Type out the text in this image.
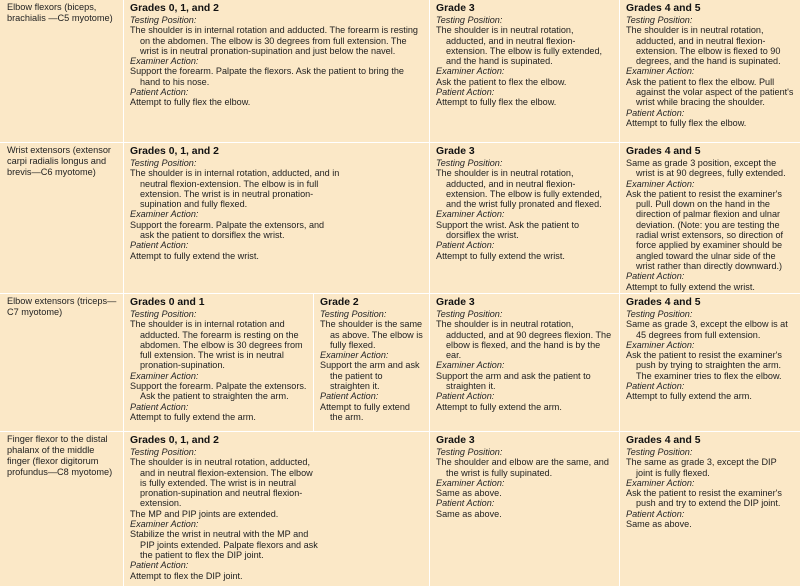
Elbow flexors (biceps, brachialis —C5 myotome)
Grades 0, 1, and 2
Testing Position:
The shoulder is in internal rotation and adducted. The forearm is resting on the abdomen. The elbow is 30 degrees from full extension. The wrist is in neutral pronation-supination and just below the navel.
Examiner Action:
Support the forearm. Palpate the flexors. Ask the patient to bring the hand to his nose.
Patient Action:
Attempt to fully flex the elbow.
Grade 3
Testing Position:
The shoulder is in neutral rotation, adducted, and in neutral flexion-extension. The elbow is fully extended, and the hand is supinated.
Examiner Action:
Ask the patient to flex the elbow.
Patient Action:
Attempt to fully flex the elbow.
Grades 4 and 5
Testing Position:
The shoulder is in neutral rotation, adducted, and in neutral flexion-extension. The elbow is flexed to 90 degrees, and the hand is supinated.
Examiner Action:
Ask the patient to flex the elbow. Pull against the volar aspect of the patient's wrist while bracing the shoulder.
Patient Action:
Attempt to fully flex the elbow.
Wrist extensors (extensor carpi radialis longus and brevis—C6 myotome)
Grades 0, 1, and 2
Testing Position:
The shoulder is in internal rotation, adducted, and in neutral flexion-extension. The elbow is in full extension. The wrist is in neutral pronation-supination and fully flexed.
Examiner Action:
Support the forearm. Palpate the extensors, and ask the patient to dorsiflex the wrist.
Patient Action:
Attempt to fully extend the wrist.
Grade 3
Testing Position:
The shoulder is in neutral rotation, adducted, and in neutral flexion-extension. The elbow is fully extended, and the wrist fully pronated and flexed.
Examiner Action:
Support the wrist. Ask the patient to dorsiflex the wrist.
Patient Action:
Attempt to fully extend the wrist.
Grades 4 and 5
Same as grade 3 position, except the wrist is at 90 degrees, fully extended.
Examiner Action:
Ask the patient to resist the examiner's pull. Pull down on the hand in the direction of palmar flexion and ulnar deviation. (Note: you are testing the radial wrist extensors, so direction of force applied by examiner should be angled toward the ulnar side of the wrist rather than directly downward.)
Patient Action:
Attempt to fully extend the wrist.
Elbow extensors (triceps—C7 myotome)
Grades 0 and 1
Testing Position:
The shoulder is in internal rotation and adducted. The forearm is resting on the abdomen. The elbow is 30 degrees from full extension. The wrist is in neutral pronation-supination.
Examiner Action:
Support the forearm. Palpate the extensors. Ask the patient to straighten the arm.
Patient Action:
Attempt to fully extend the arm.
Grade 2
Testing Position:
The shoulder is the same as above. The elbow is fully flexed.
Examiner Action:
Support the arm and ask the patient to straighten it.
Patient Action:
Attempt to fully extend the arm.
Grade 3
Testing Position:
The shoulder is in neutral rotation, adducted, and at 90 degrees flexion. The elbow is flexed, and the hand is by the ear.
Examiner Action:
Support the arm and ask the patient to straighten it.
Patient Action:
Attempt to fully extend the arm.
Grades 4 and 5
Testing Position:
Same as grade 3, except the elbow is at 45 degrees from full extension.
Examiner Action:
Ask the patient to resist the examiner's push by trying to straighten the arm. The examiner tries to flex the elbow.
Patient Action:
Attempt to fully extend the arm.
Finger flexor to the distal phalanx of the middle finger (flexor digitorum profundus—C8 myotome)
Grades 0, 1, and 2
Testing Position:
The shoulder is in neutral rotation, adducted, and in neutral flexion-extension. The elbow is fully extended. The wrist is in neutral pronation-supination and neutral flexion-extension.
The MP and PIP joints are extended.
Examiner Action:
Stabilize the wrist in neutral with the MP and PIP joints extended. Palpate flexors and ask the patient to flex the DIP joint.
Patient Action:
Attempt to flex the DIP joint.
Grade 3
Testing Position:
The shoulder and elbow are the same, and the wrist is fully supinated.
Examiner Action:
Same as above.
Patient Action:
Same as above.
Grades 4 and 5
Testing Position:
The same as grade 3, except the DIP joint is fully flexed.
Examiner Action:
Ask the patient to resist the examiner's push and try to extend the DIP joint.
Patient Action:
Same as above.
